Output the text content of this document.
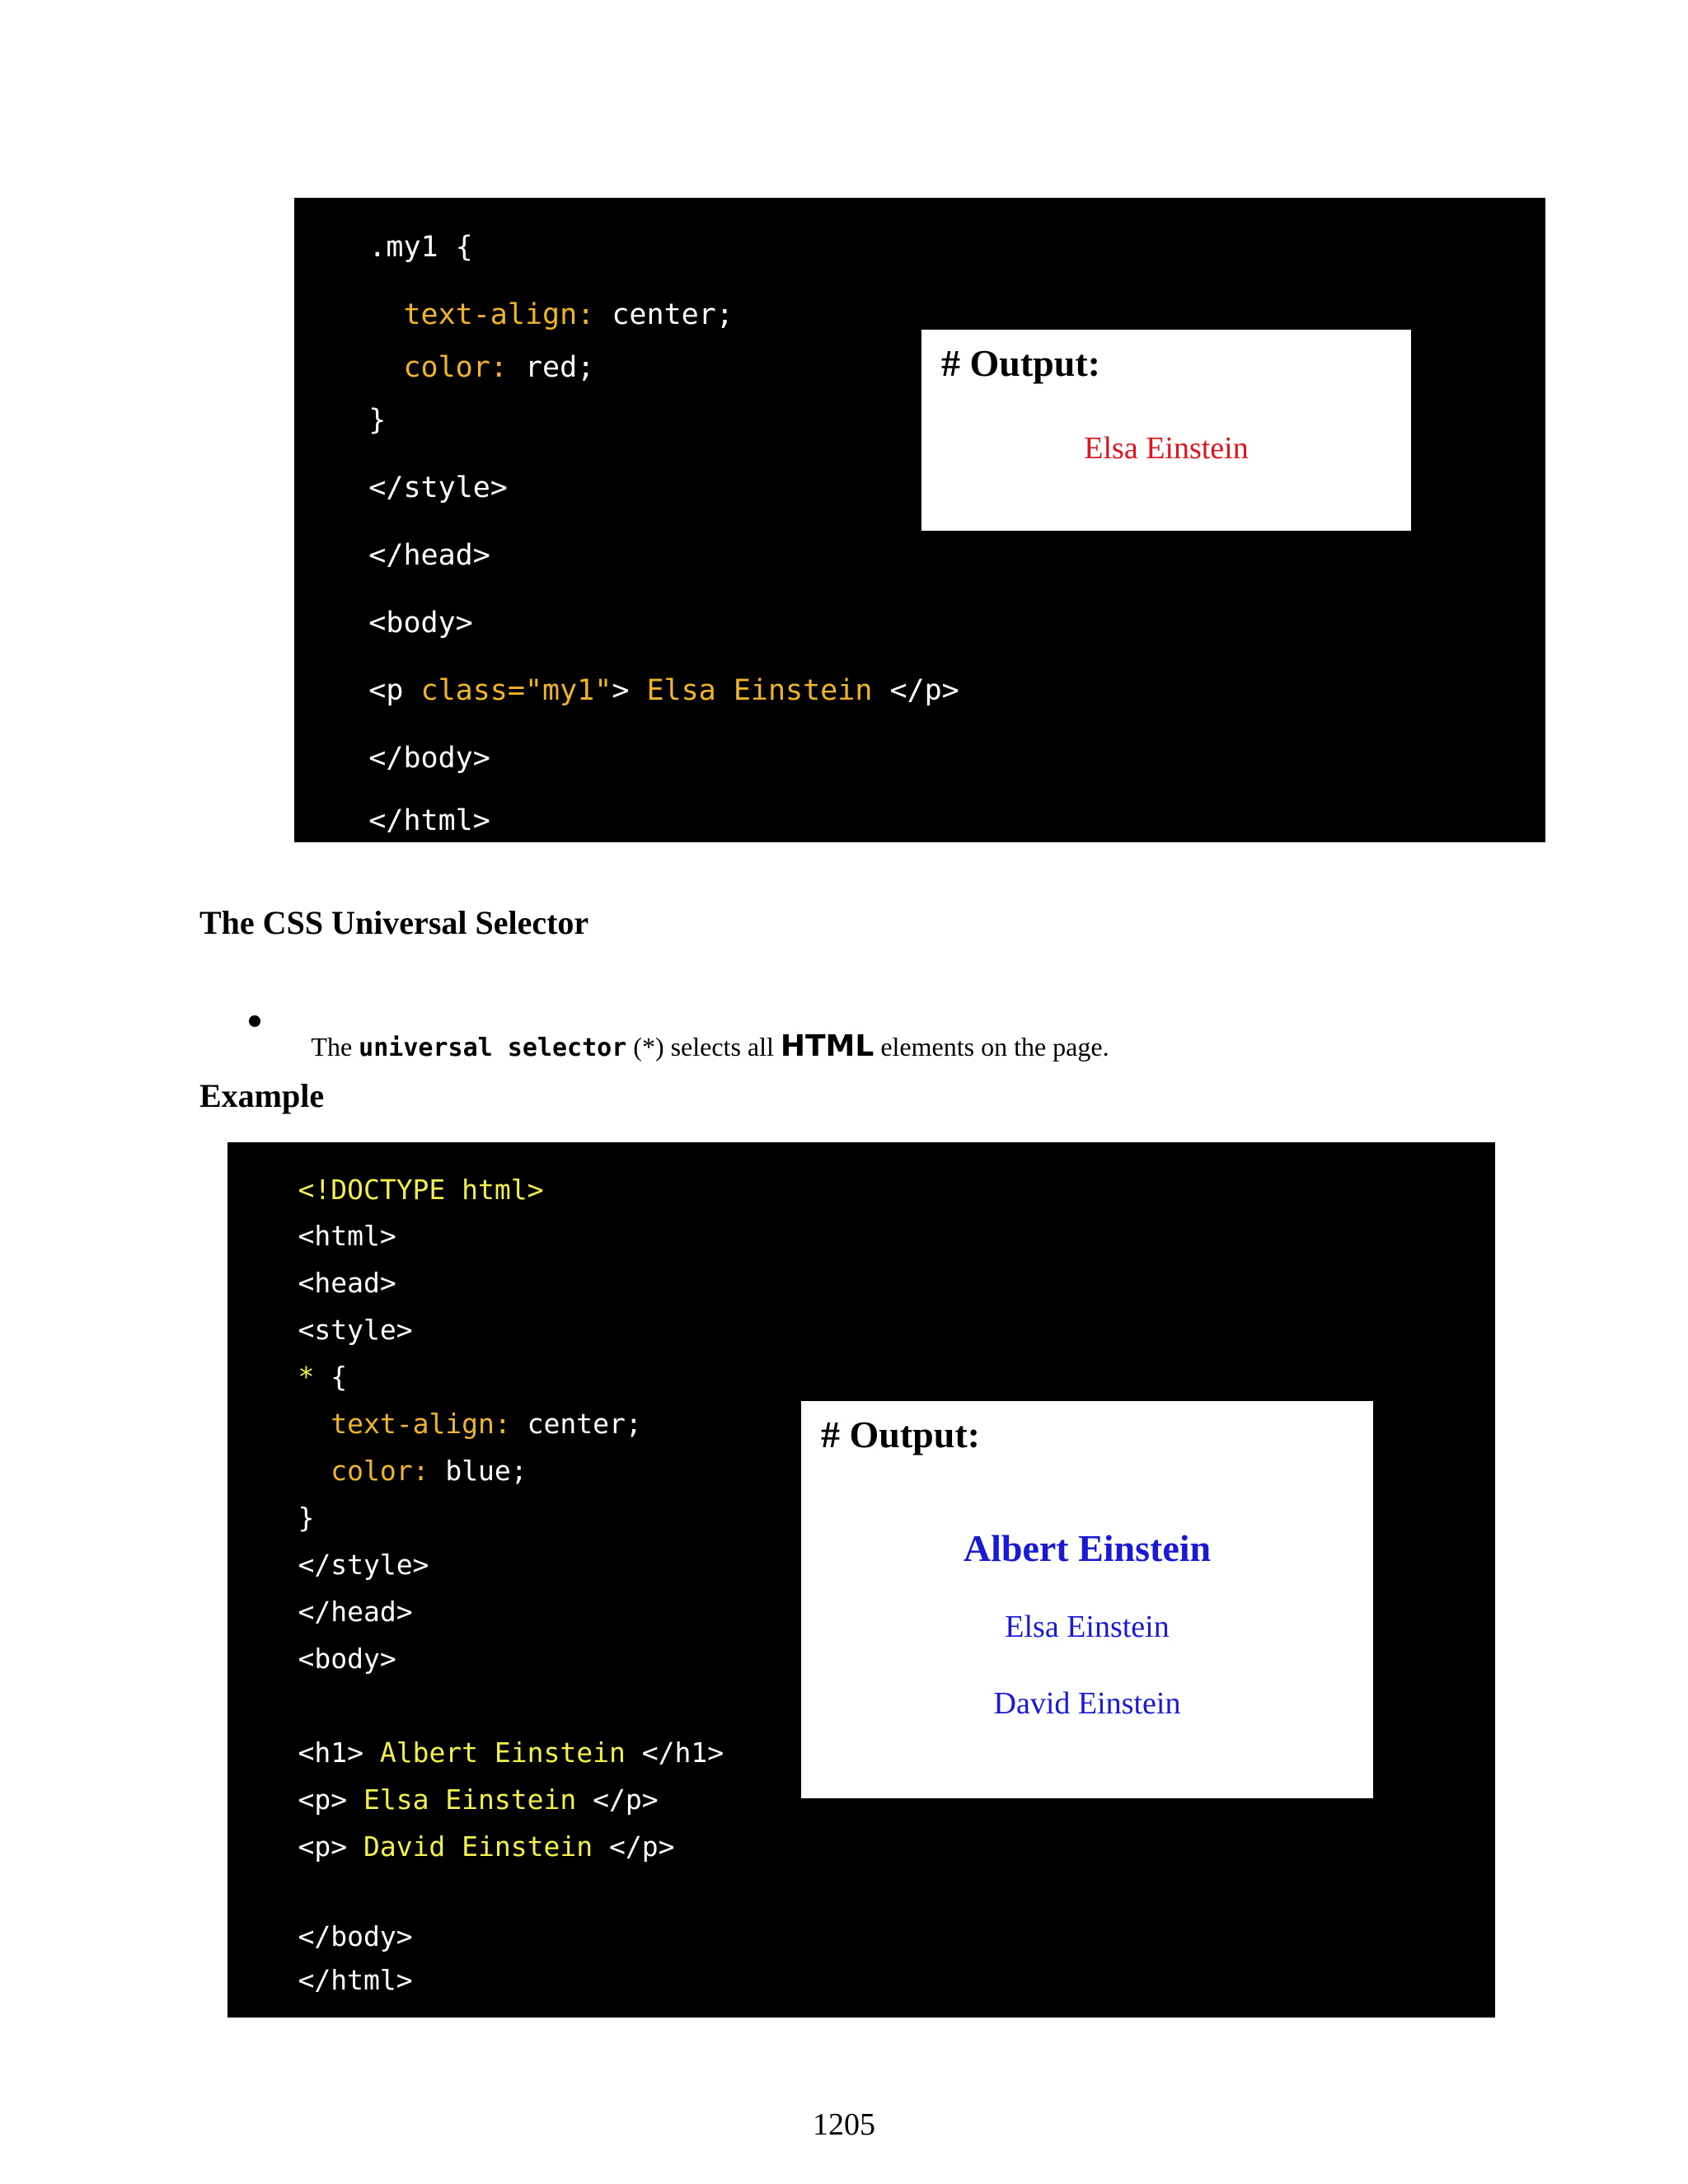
.my1 {

text-align: center;

color: red;

}

</style>

</head>

<body>

<p class="my1"> Elsa Einstein </p>

</body>

</html>

# Output:
Elsa Einstein
The CSS Universal Selector

The universal selector (*) selects all HTML elements on the page.

Example

<!DOCTYPE html>

<html>

<head>

<style>

* {

text-align: center;

color: blue;

}

</style>

</head>

<body>

<h1> Albert Einstein </h1>

<p> Elsa Einstein </p>

<p> David Einstein </p>

</body>

</html>

# Output:
Albert Einstein
Elsa Einstein
David Einstein
1205
